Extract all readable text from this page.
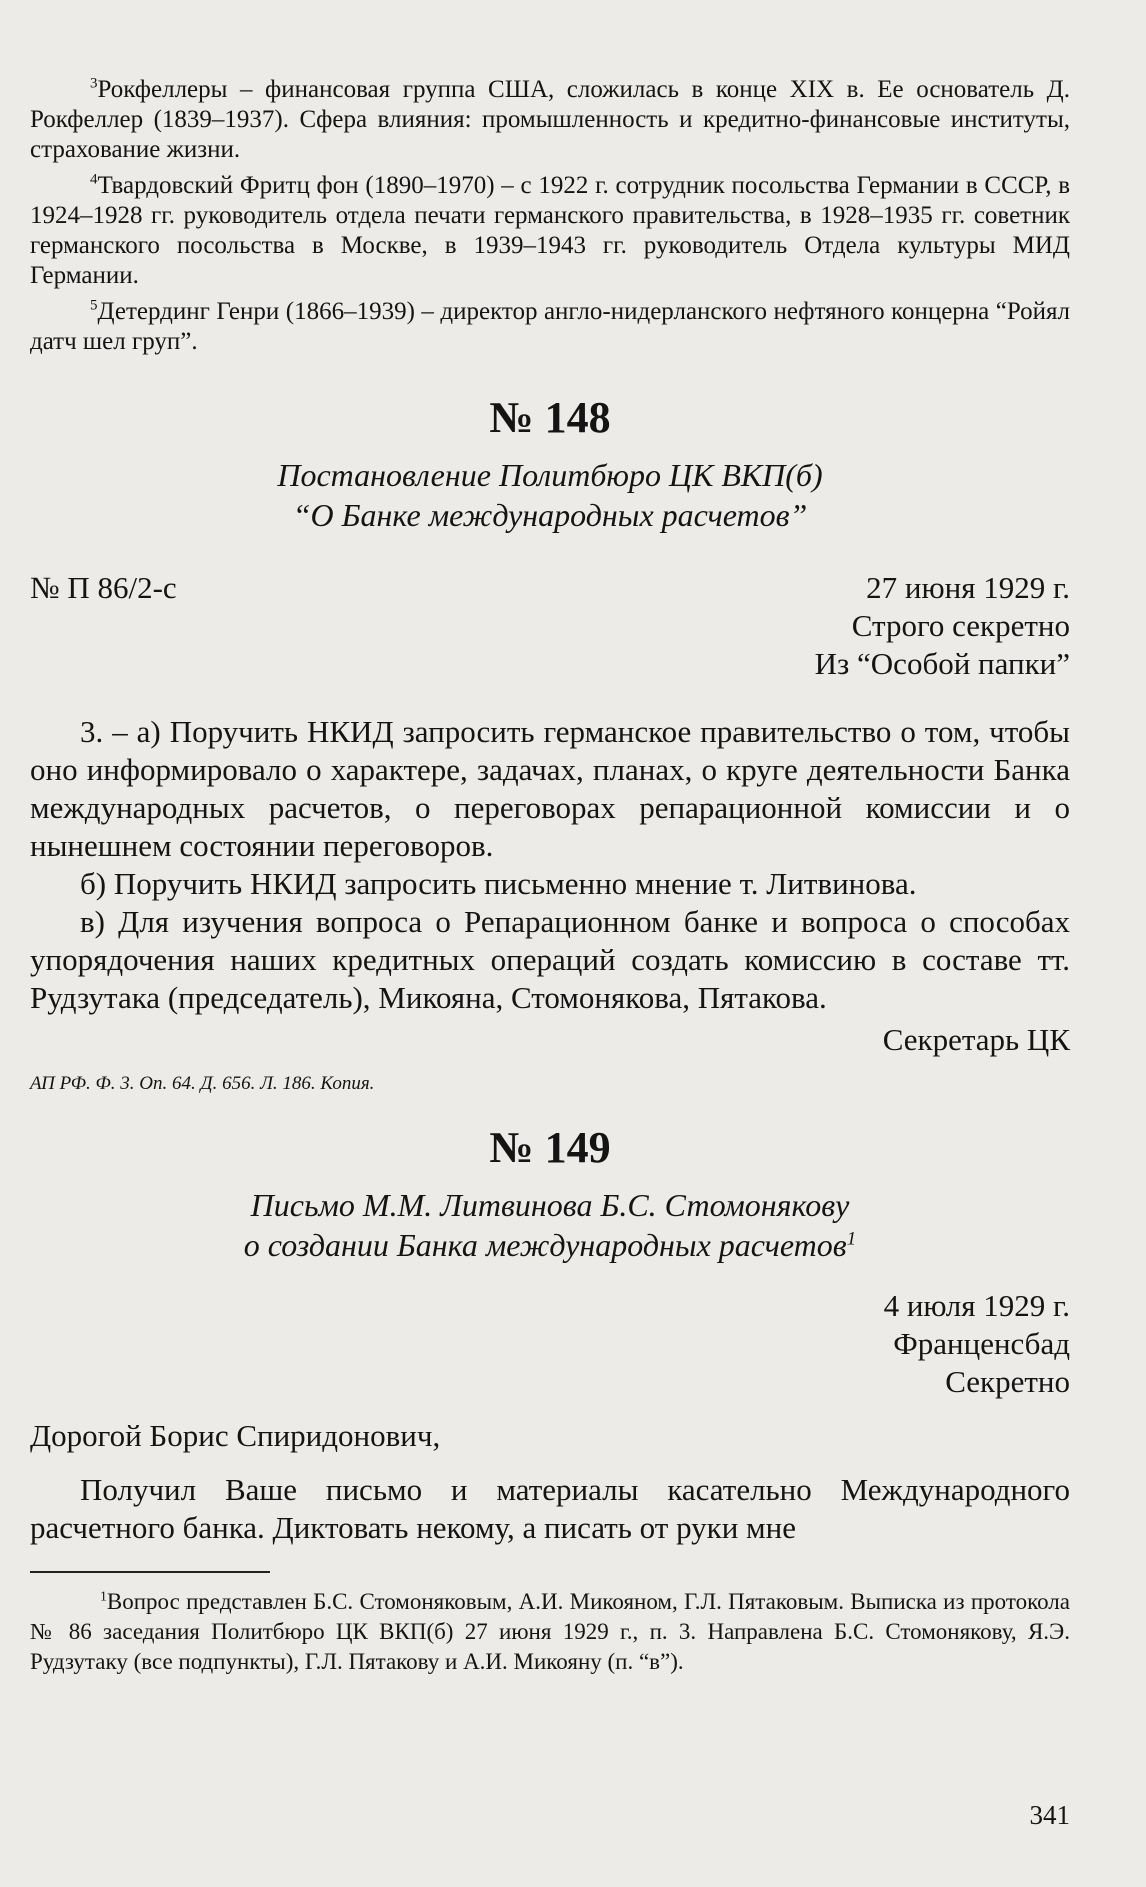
$^3$Рокфеллеры – финансовая группа США, сложилась в конце XIX в. Ее основатель Д. Рокфеллер (1839–1937). Сфера влияния: промышленность и кредитно-финансовые институты, страхование жизни.

$^4$Твардовский Фритц фон (1890–1970) – с 1922 г. сотрудник посольства Германии в СССР, в 1924–1928 гг. руководитель отдела печати германского правительства, в 1928–1935 гг. советник германского посольства в Москве, в 1939–1943 гг. руководитель Отдела культуры МИД Германии.

$^5$Детердинг Генри (1866–1939) – директор англо-нидерланского нефтяного концерна “Ройял датч шел груп”.

№ 148
Постановление Политбюро ЦК ВКП(б)
“О Банке международных расчетов”
№ П 86/2-с	27 июня 1929 г.
Строго секретно
Из “Особой папки”

3. – а) Поручить НКИД запросить германское правительство о том, чтобы оно информировало о характере, задачах, планах, о круге деятельности Банка международных расчетов, о переговорах репарационной комиссии и о нынешнем состоянии переговоров.

б) Поручить НКИД запросить письменно мнение т. Литвинова.

в) Для изучения вопроса о Репарационном банке и вопроса о способах упорядочения наших кредитных операций создать комиссию в составе тт. Рудзутака (председатель), Микояна, Стомонякова, Пятакова.

Секретарь ЦК
АП РФ. Ф. 3. Оп. 64. Д. 656. Л. 186. Копия.
№ 149
Письмо М.М. Литвинова Б.С. Стомонякову
о создании Банка международных расчетов$^1$
4 июля 1929 г.
Франценсбад
Секретно
Дорогой Борис Спиридонович,

Получил Ваше письмо и материалы касательно Международного расчетного банка. Диктовать некому, а писать от руки мне

$^1$Вопрос представлен Б.С. Стомоняковым, А.И. Микояном, Г.Л. Пятаковым. Выписка из протокола № 86 заседания Политбюро ЦК ВКП(б) 27 июня 1929 г., п. 3. Направлена Б.С. Стомонякову, Я.Э. Рудзутаку (все подпункты), Г.Л. Пятакову и А.И. Микояну (п. “в”).

341
